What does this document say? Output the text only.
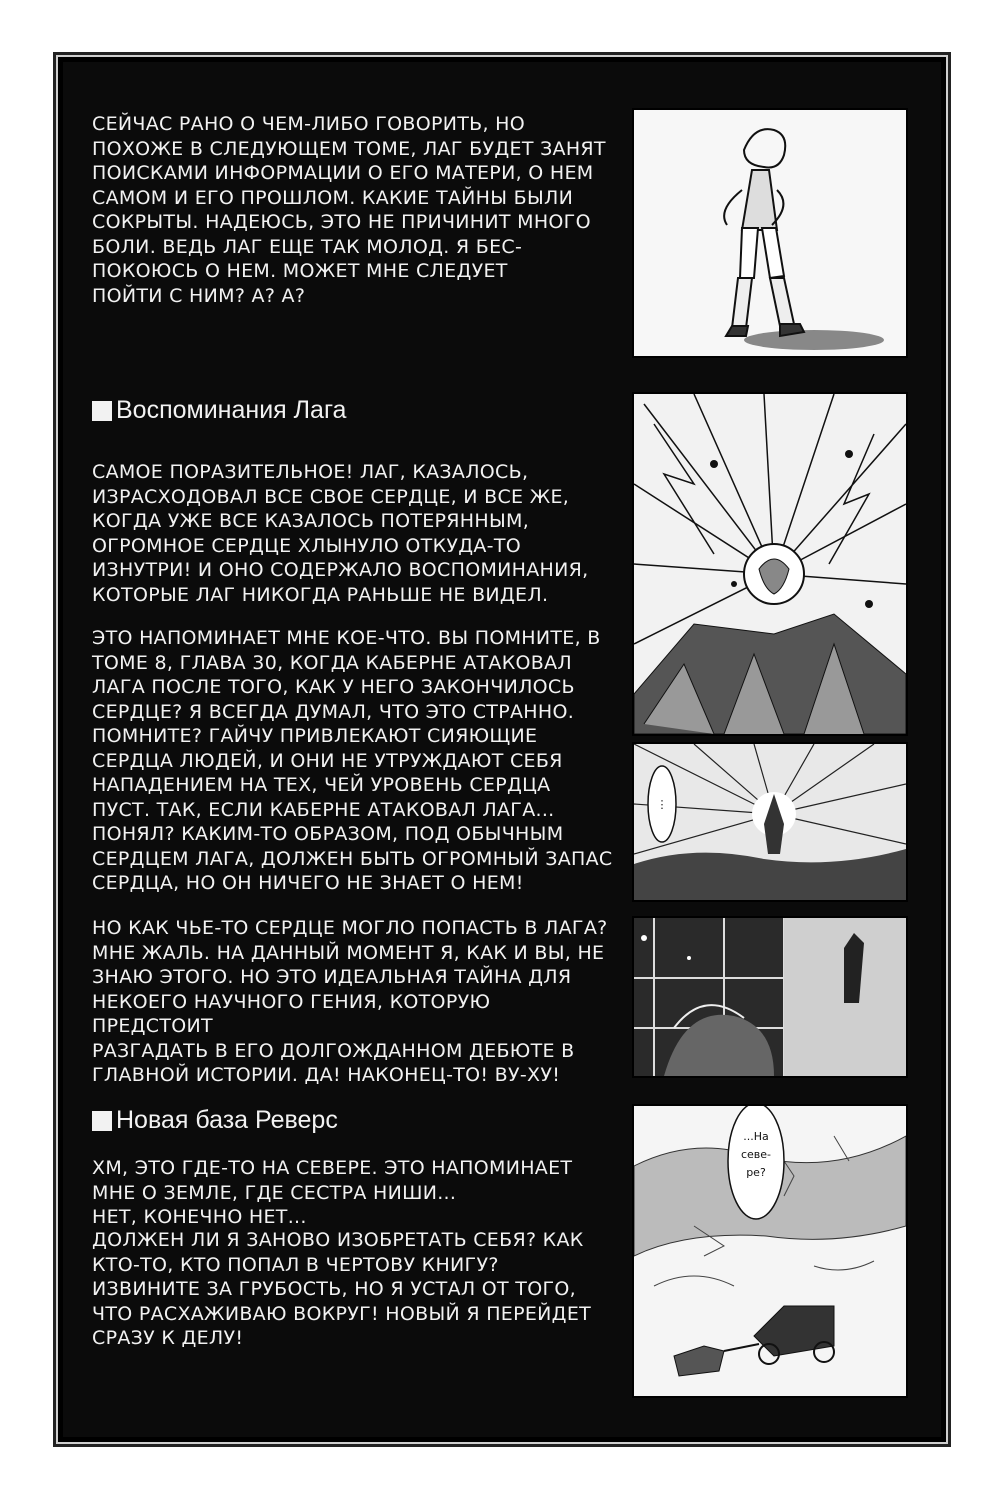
СЕЙЧАС РАНО О ЧЕМ-ЛИБО ГОВОРИТЬ, НО
ПОХОЖЕ В СЛЕДУЮЩЕМ ТОМЕ, ЛАГ БУДЕТ ЗАНЯТ
ПОИСКАМИ ИНФОРМАЦИИ О ЕГО МАТЕРИ, О НЕМ
САМОМ И ЕГО ПРОШЛОМ. КАКИЕ ТАЙНЫ БЫЛИ
СОКРЫТЫ. НАДЕЮСЬ, ЭТО НЕ ПРИЧИНИТ МНОГО
БОЛИ. ВЕДЬ ЛАГ ЕЩЕ ТАК МОЛОД. Я БЕС-
ПОКОЮСЬ О НЕМ. МОЖЕТ МНЕ СЛЕДУЕТ
ПОЙТИ С НИМ? А? А?
Воспоминания Лага
САМОЕ ПОРАЗИТЕЛЬНОЕ! ЛАГ, КАЗАЛОСЬ,
ИЗРАСХОДОВАЛ ВСЕ СВОЕ СЕРДЦЕ, И ВСЕ ЖЕ,
КОГДА УЖЕ ВСЕ КАЗАЛОСЬ ПОТЕРЯННЫМ,
ОГРОМНОЕ СЕРДЦЕ ХЛЫНУЛО ОТКУДА-ТО
ИЗНУТРИ! И ОНО СОДЕРЖАЛО ВОСПОМИНАНИЯ,
КОТОРЫЕ ЛАГ НИКОГДА РАНЬШЕ НЕ ВИДЕЛ.
ЭТО НАПОМИНАЕТ МНЕ КОЕ-ЧТО. ВЫ ПОМНИТЕ, В
ТОМЕ 8, ГЛАВА 30, КОГДА КАБЕРНЕ АТАКОВАЛ
ЛАГА ПОСЛЕ ТОГО, КАК У НЕГО ЗАКОНЧИЛОСЬ
СЕРДЦЕ? Я ВСЕГДА ДУМАЛ, ЧТО ЭТО СТРАННО.
ПОМНИТЕ? ГАЙЧУ ПРИВЛЕКАЮТ СИЯЮЩИЕ
СЕРДЦА ЛЮДЕЙ, И ОНИ НЕ УТРУЖДАЮТ СЕБЯ
НАПАДЕНИЕМ НА ТЕХ, ЧЕЙ УРОВЕНЬ СЕРДЦА
ПУСТ. ТАК, ЕСЛИ КАБЕРНЕ АТАКОВАЛ ЛАГА...
ПОНЯЛ? КАКИМ-ТО ОБРАЗОМ, ПОД ОБЫЧНЫМ
СЕРДЦЕМ ЛАГА, ДОЛЖЕН БЫТЬ ОГРОМНЫЙ ЗАПАС
СЕРДЦА, НО ОН НИЧЕГО НЕ ЗНАЕТ О НЕМ!
НО КАК ЧЬЕ-ТО СЕРДЦЕ МОГЛО ПОПАСТЬ В ЛАГА?
МНЕ ЖАЛЬ. НА ДАННЫЙ МОМЕНТ Я, КАК И ВЫ, НЕ
ЗНАЮ ЭТОГО. НО ЭТО ИДЕАЛЬНАЯ ТАЙНА ДЛЯ
НЕКОЕГО НАУЧНОГО ГЕНИЯ, КОТОРУЮ ПРЕДСТОИТ
РАЗГАДАТЬ В ЕГО ДОЛГОЖДАННОМ ДЕБЮТЕ В
ГЛАВНОЙ ИСТОРИИ. ДА! НАКОНЕЦ-ТО! ВУ-ХУ!
Новая база Реверс
ХМ, ЭТО ГДЕ-ТО НА СЕВЕРЕ. ЭТО НАПОМИНАЕТ
МНЕ О ЗЕМЛЕ, ГДЕ СЕСТРА НИШИ...
НЕТ, КОНЕЧНО НЕТ...
ДОЛЖЕН ЛИ Я ЗАНОВО ИЗОБРЕТАТЬ СЕБЯ? КАК
КТО-ТО, КТО ПОПАЛ В ЧЕРТОВУ КНИГУ?
ИЗВИНИТЕ ЗА ГРУБОСТЬ, НО Я УСТАЛ ОТ ТОГО,
ЧТО РАСХАЖИВАЮ ВОКРУГ! НОВЫЙ Я ПЕРЕЙДЕТ
СРАЗУ К ДЕЛУ!
⋮
...На
севе-
ре?
